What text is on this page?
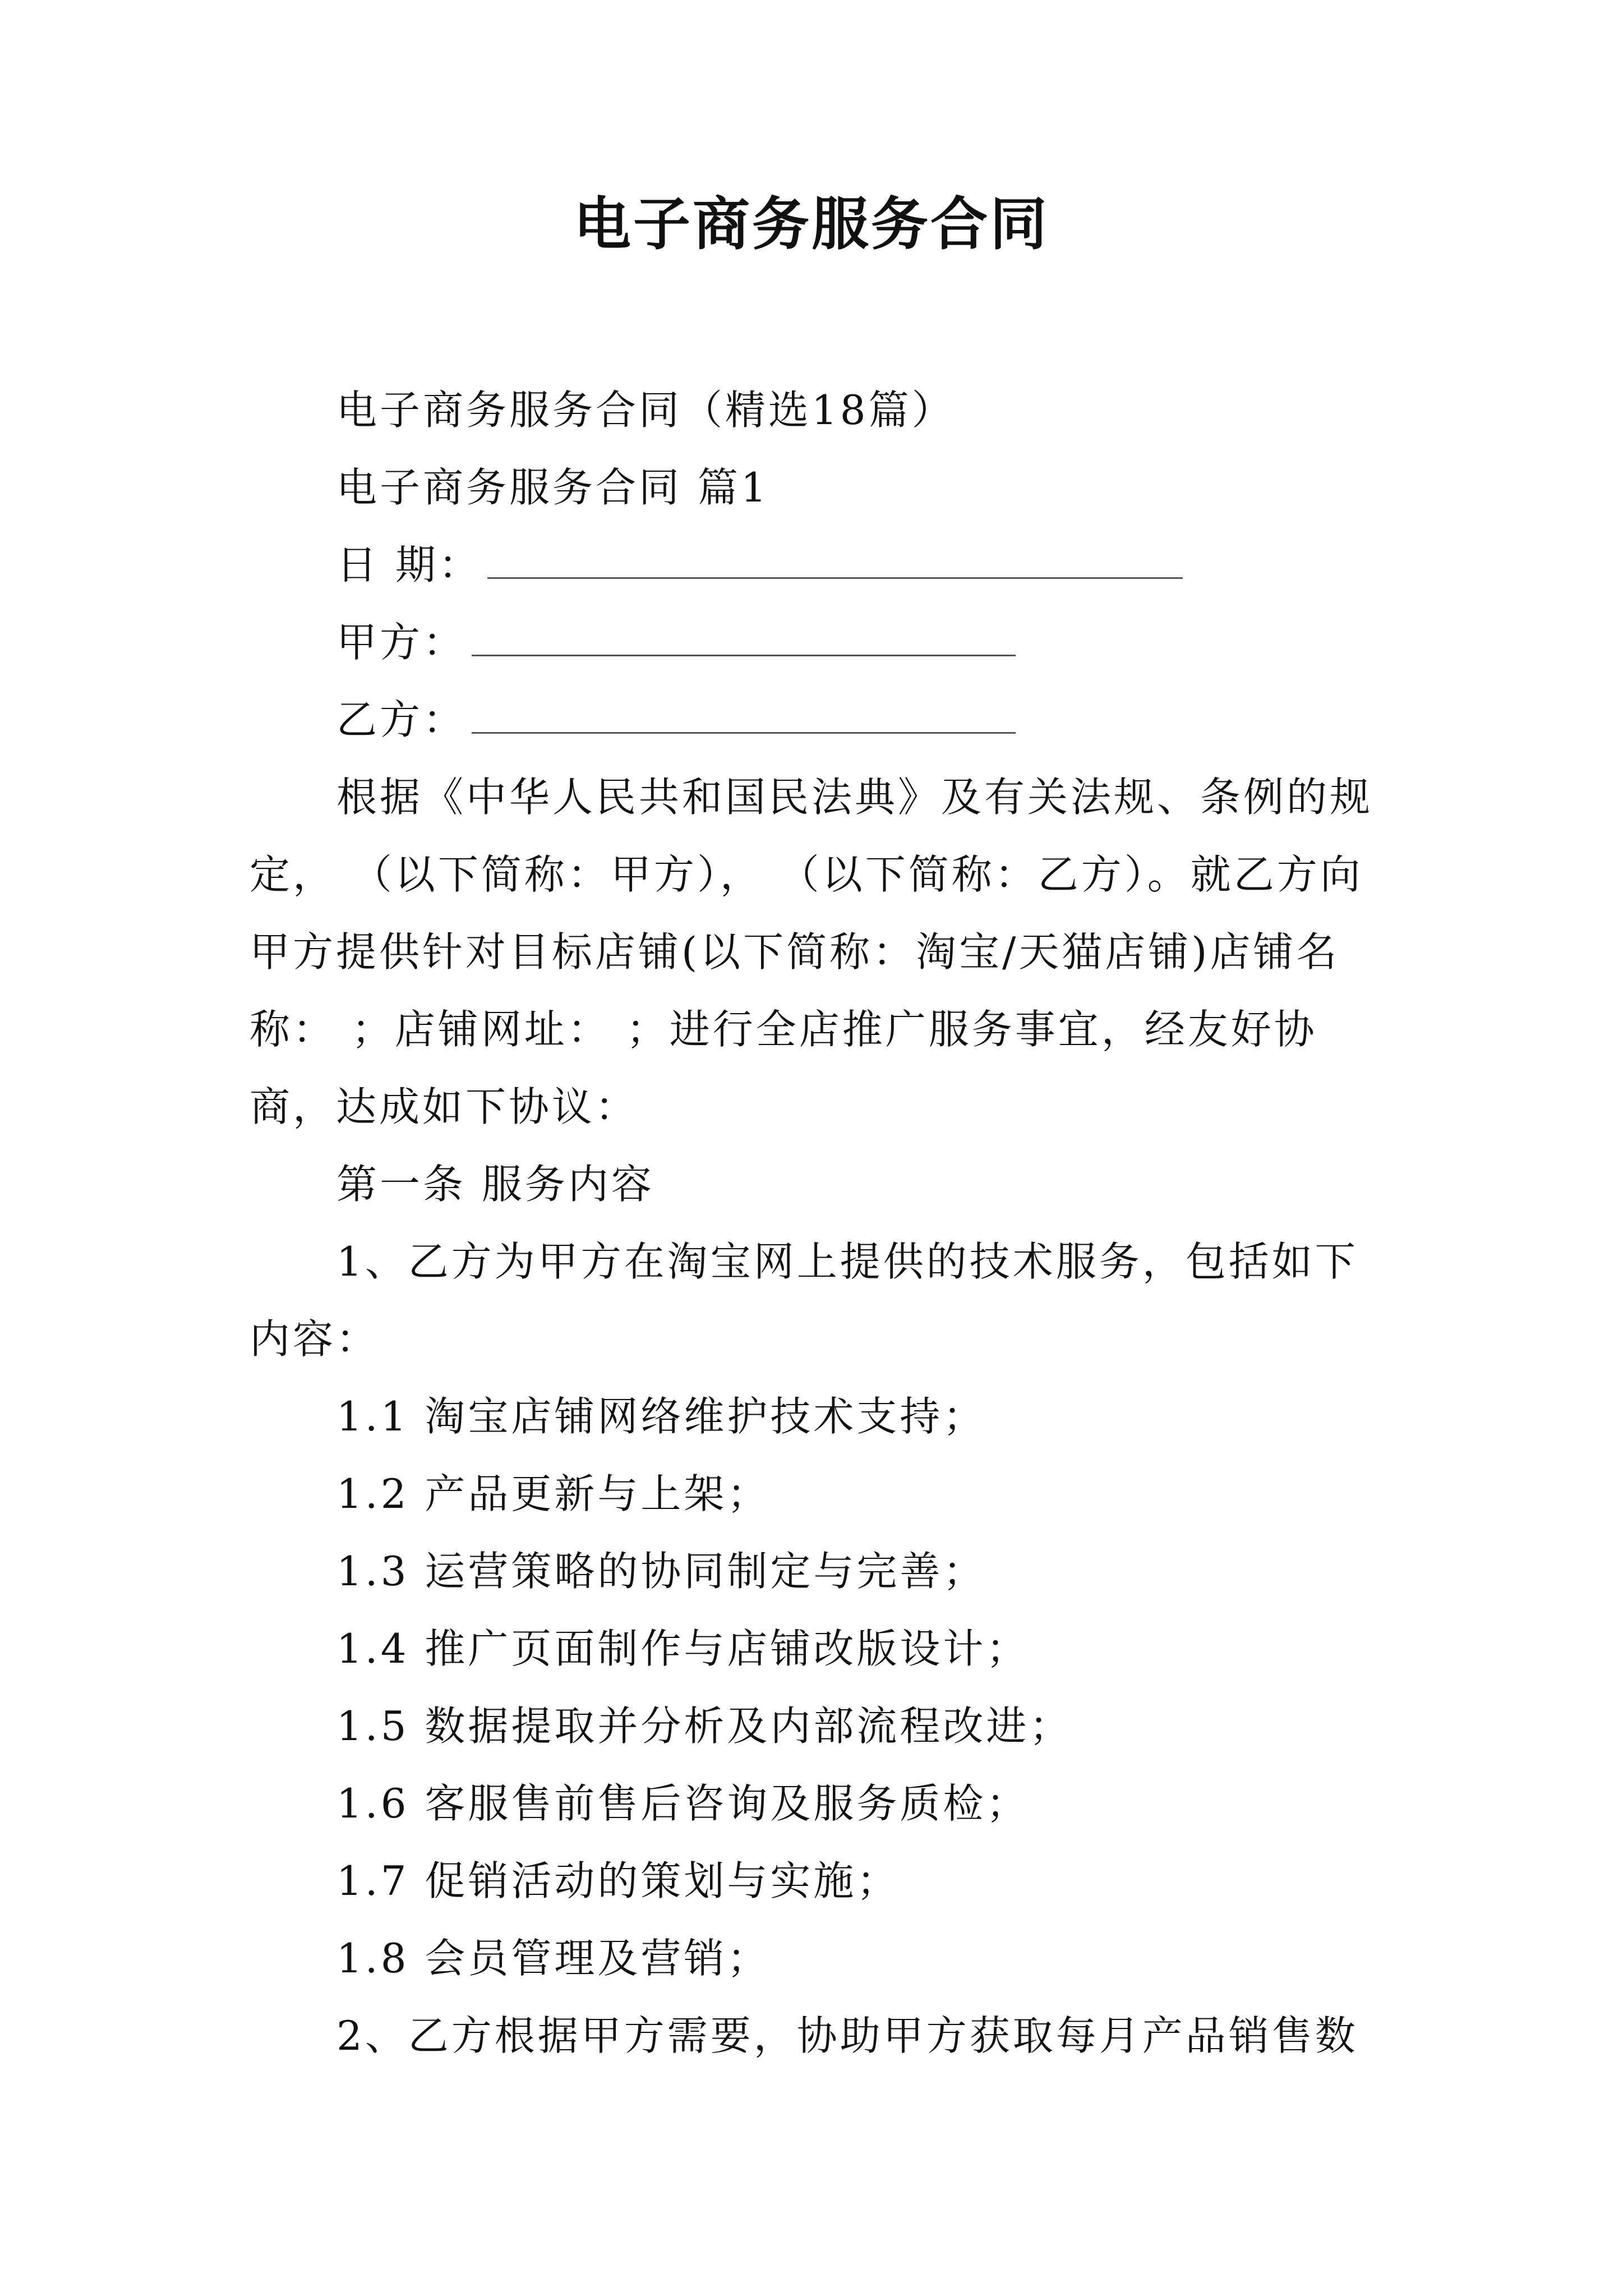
电子商务服务合同

电子商务服务合同（精选18篇）

电子商务服务合同 篇1

日 期：

甲方：

乙方：

根据《中华人民共和国民法典》及有关法规、条例的规定， （以下简称：甲方）， （以下简称：乙方）。就乙方向甲方提供针对目标店铺(以下简称：淘宝/天猫店铺)店铺名称： ；店铺网址： ；进行全店推广服务事宜，经友好协商，达成如下协议：

第一条 服务内容

1、乙方为甲方在淘宝网上提供的技术服务，包括如下内容：

1.1 淘宝店铺网络维护技术支持；

1.2 产品更新与上架；

1.3 运营策略的协同制定与完善；

1.4 推广页面制作与店铺改版设计；

1.5 数据提取并分析及内部流程改进；

1.6 客服售前售后咨询及服务质检；

1.7 促销活动的策划与实施；

1.8 会员管理及营销；

2、乙方根据甲方需要，协助甲方获取每月产品销售数
